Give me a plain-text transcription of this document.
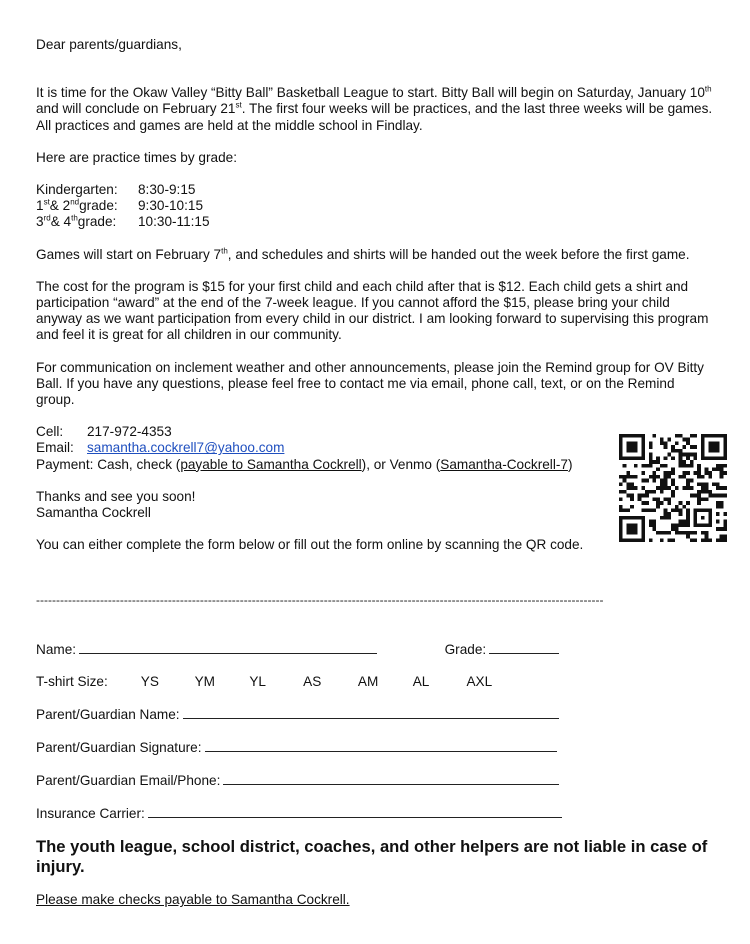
Dear parents/guardians,

It is time for the Okaw Valley “Bitty Ball” Basketball League to start. Bitty Ball will begin on Saturday, January 10th and will conclude on February 21st. The first four weeks will be practices, and the last three weeks will be games. All practices and games are held at the middle school in Findlay.

Here are practice times by grade:

Kindergarten: 8:30-9:15

1st& 2ndgrade: 9:30-10:15

3rd& 4thgrade: 10:30-11:15

Games will start on February 7th, and schedules and shirts will be handed out the week before the first game.

The cost for the program is $15 for your first child and each child after that is $12. Each child gets a shirt and participation “award” at the end of the 7-week league. If you cannot afford the $15, please bring your child anyway as we want participation from every child in our district. I am looking forward to supervising this program and feel it is great for all children in our community.

For communication on inclement weather and other announcements, please join the Remind group for OV Bitty Ball. If you have any questions, please feel free to contact me via email, phone call, text, or on the Remind group.

Cell: 217-972-4353

Email: samantha.cockrell7@yahoo.com

Payment: Cash, check (payable to Samantha Cockrell), or Venmo (Samantha-Cockrell-7)

Thanks and see you soon!

Samantha Cockrell

You can either complete the form below or fill out the form online by scanning the QR code.

----------------------------------------------------------------------------------------------------------------------------------------------
Name:	Grade:
T-shirt Size: YS	YM	YL	AS	AM	AL	AXL
Parent/Guardian Name:
Parent/Guardian Signature:
Parent/Guardian Email/Phone:
Insurance Carrier:
The youth league, school district, coaches, and other helpers are not liable in case of injury.
Please make checks payable to Samantha Cockrell.
